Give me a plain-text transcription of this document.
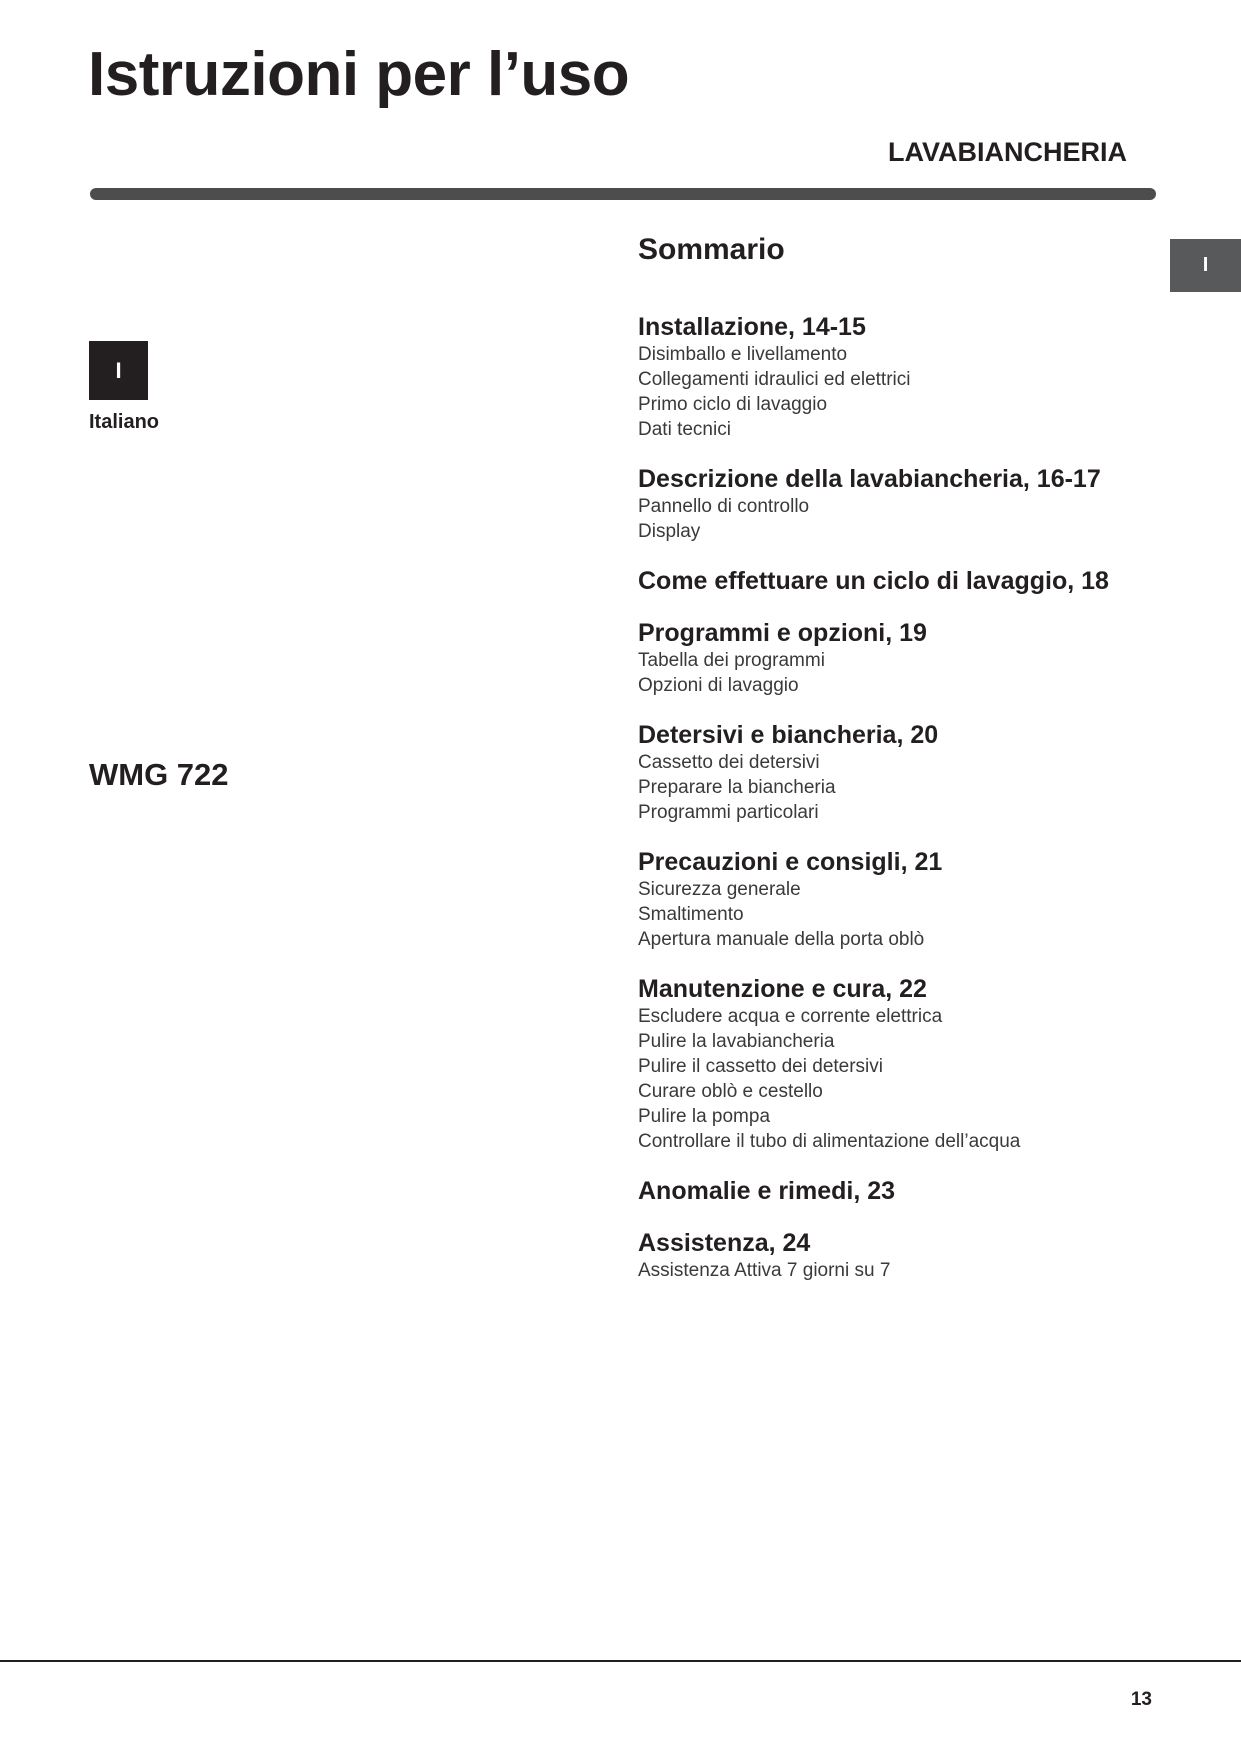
Istruzioni per l’uso
LAVABIANCHERIA
I
I
Italiano
WMG 722
Sommario
Installazione, 14-15
Disimballo e livellamento
Collegamenti idraulici ed elettrici
Primo ciclo di lavaggio
Dati tecnici
Descrizione della lavabiancheria, 16-17
Pannello di controllo
Display
Come effettuare un ciclo di lavaggio, 18
Programmi e opzioni, 19
Tabella dei programmi
Opzioni di lavaggio
Detersivi e biancheria, 20
Cassetto dei detersivi
Preparare la biancheria
Programmi particolari
Precauzioni e consigli, 21
Sicurezza generale
Smaltimento
Apertura manuale della porta oblò
Manutenzione e cura, 22
Escludere acqua e corrente elettrica
Pulire la lavabiancheria
Pulire il cassetto dei detersivi
Curare oblò e cestello
Pulire la pompa
Controllare il tubo di alimentazione dell’acqua
Anomalie e rimedi, 23
Assistenza, 24
Assistenza Attiva 7 giorni su 7
13
